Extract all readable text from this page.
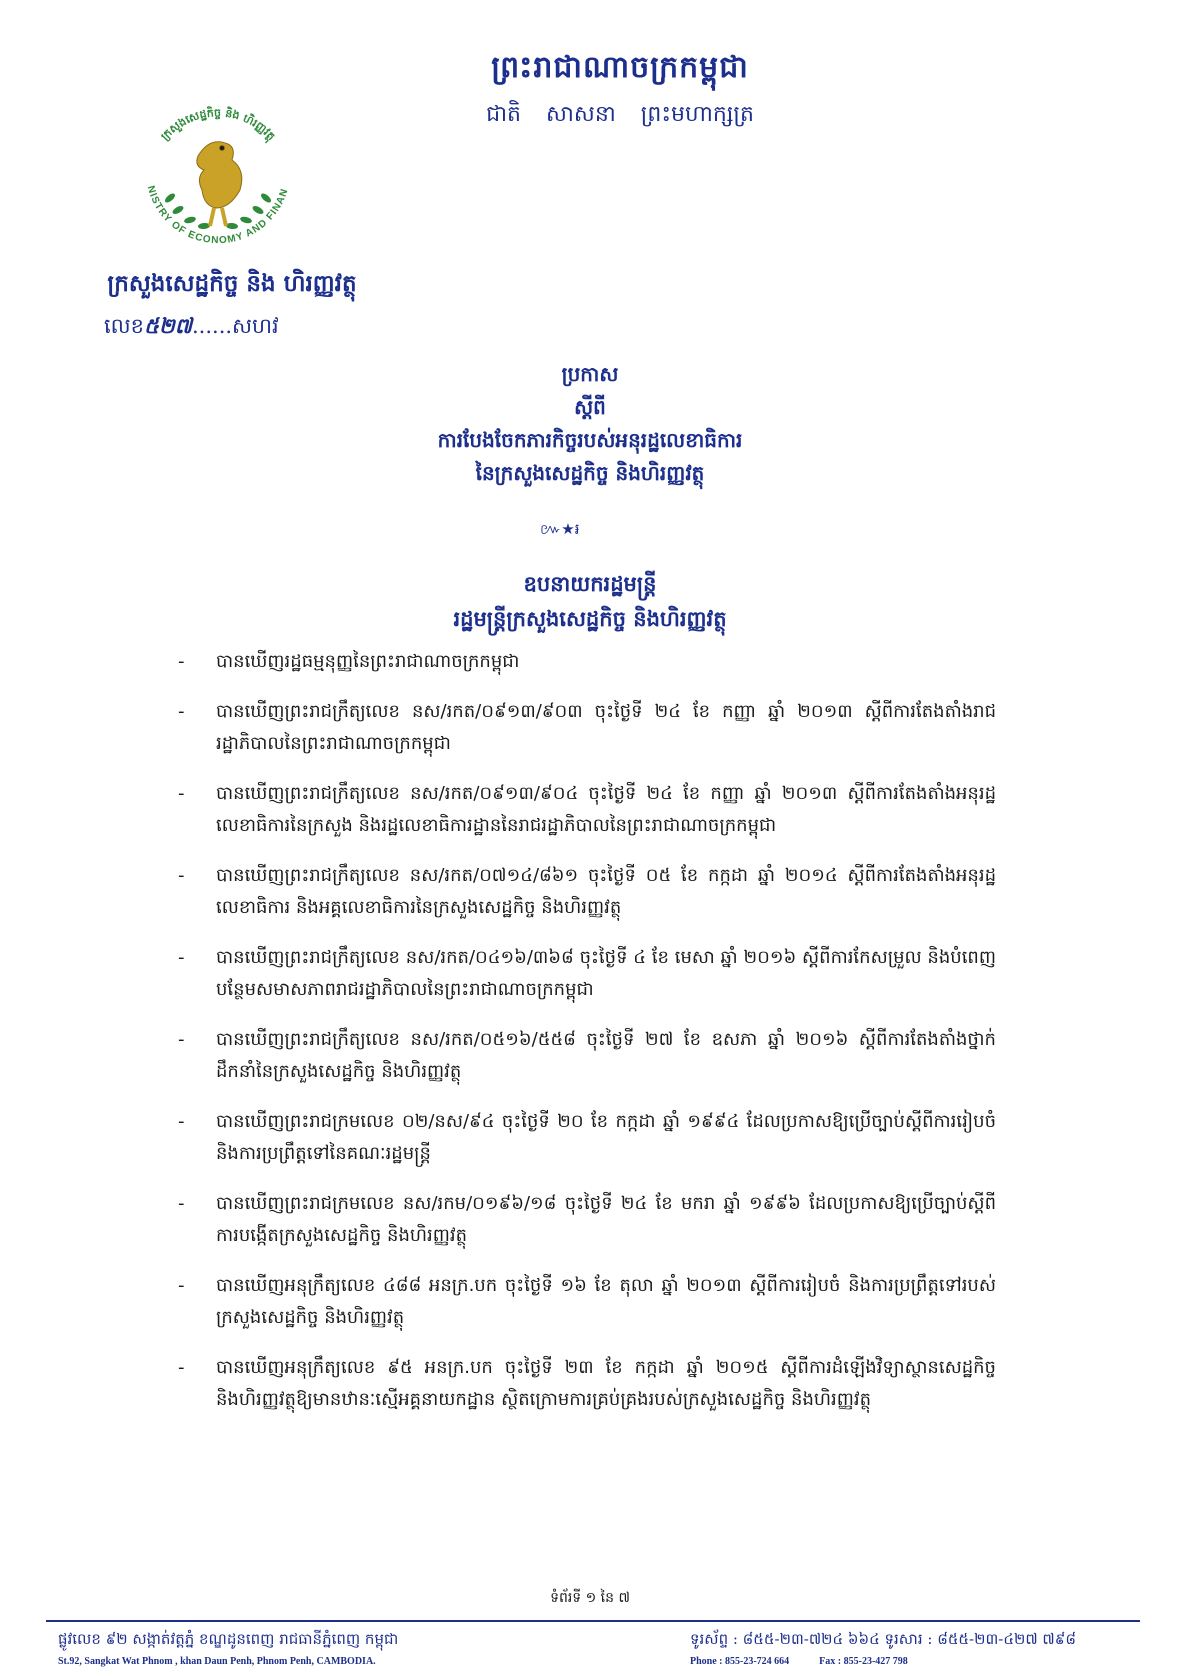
ព្រះរាជាណាចក្រកម្ពុជា
ជាតិ សាសនា ព្រះមហាក្សត្រ
NISTRY OF ECONOMY AND FINAN
ក្រសួងសេដ្ឋកិច្ច និង ហិរញ្ញវត្ថុ
ក្រសួងសេដ្ឋកិច្ច និង ហិរញ្ញវត្ថុ
លេខ៥២៧......សហវ
ប្រកាស
ស្តីពី
ការបែងចែកភារកិច្ចរបស់អនុរដ្ឋលេខាធិការ
នៃក្រសួងសេដ្ឋកិច្ច និងហិរញ្ញវត្ថុ
៚★៛
ឧបនាយករដ្ឋមន្ត្រី
រដ្ឋមន្ត្រីក្រសួងសេដ្ឋកិច្ច និងហិរញ្ញវត្ថុ
- បានឃើញរដ្ឋធម្មនុញ្ញនៃព្រះរាជាណាចក្រកម្ពុជា
- បានឃើញព្រះរាជក្រឹត្យលេខ នស/រកត/០៩១៣/៩០៣ ចុះថ្ងៃទី ២៤ ខែ កញ្ញា ឆ្នាំ ២០១៣ ស្តីពីការតែងតាំងរាជរដ្ឋាភិបាលនៃព្រះរាជាណាចក្រកម្ពុជា
- បានឃើញព្រះរាជក្រឹត្យលេខ នស/រកត/០៩១៣/៩០៤ ចុះថ្ងៃទី ២៤ ខែ កញ្ញា ឆ្នាំ ២០១៣ ស្តីពីការតែងតាំងអនុរដ្ឋលេខាធិការនៃក្រសួង និងរដ្ឋលេខាធិការដ្ឋាននៃរាជរដ្ឋាភិបាលនៃព្រះរាជាណាចក្រកម្ពុជា
- បានឃើញព្រះរាជក្រឹត្យលេខ នស/រកត/០៧១៤/៨៦១ ចុះថ្ងៃទី ០៥ ខែ កក្កដា ឆ្នាំ ២០១៤ ស្តីពីការតែងតាំងអនុរដ្ឋលេខាធិការ និងអគ្គលេខាធិការនៃក្រសួងសេដ្ឋកិច្ច និងហិរញ្ញវត្ថុ
- បានឃើញព្រះរាជក្រឹត្យលេខ នស/រកត/០៤១៦/៣៦៨ ចុះថ្ងៃទី ៤ ខែ មេសា ឆ្នាំ ២០១៦ ស្តីពីការកែសម្រួល និងបំពេញបន្ថែមសមាសភាពរាជរដ្ឋាភិបាលនៃព្រះរាជាណាចក្រកម្ពុជា
- បានឃើញព្រះរាជក្រឹត្យលេខ នស/រកត/០៥១៦/៥៥៨ ចុះថ្ងៃទី ២៧ ខែ ឧសភា ឆ្នាំ ២០១៦ ស្តីពីការតែងតាំងថ្នាក់ដឹកនាំនៃក្រសួងសេដ្ឋកិច្ច និងហិរញ្ញវត្ថុ
- បានឃើញព្រះរាជក្រមលេខ ០២/នស/៩៤ ចុះថ្ងៃទី ២០ ខែ កក្កដា ឆ្នាំ ១៩៩៤ ដែលប្រកាសឱ្យប្រើច្បាប់ស្តីពីការរៀបចំ និងការប្រព្រឹត្តទៅនៃគណៈរដ្ឋមន្ត្រី
- បានឃើញព្រះរាជក្រមលេខ នស/រកម/០១៩៦/១៨ ចុះថ្ងៃទី ២៤ ខែ មករា ឆ្នាំ ១៩៩៦ ដែលប្រកាសឱ្យប្រើច្បាប់ស្តីពីការបង្កើតក្រសួងសេដ្ឋកិច្ច និងហិរញ្ញវត្ថុ
- បានឃើញអនុក្រឹត្យលេខ ៤៨៨ អនក្រ.បក ចុះថ្ងៃទី ១៦ ខែ តុលា ឆ្នាំ ២០១៣ ស្តីពីការរៀបចំ និងការប្រព្រឹត្តទៅរបស់ក្រសួងសេដ្ឋកិច្ច និងហិរញ្ញវត្ថុ
- បានឃើញអនុក្រឹត្យលេខ ៩៥ អនក្រ.បក ចុះថ្ងៃទី ២៣ ខែ កក្កដា ឆ្នាំ ២០១៥ ស្តីពីការដំឡើងវិទ្យាស្ថានសេដ្ឋកិច្ច និងហិរញ្ញវត្ថុឱ្យមានឋានៈស្មើអគ្គនាយកដ្ឋាន ស្ថិតក្រោមការគ្រប់គ្រងរបស់ក្រសួងសេដ្ឋកិច្ច និងហិរញ្ញវត្ថុ
ទំព័រទី ១ នៃ ៧
ផ្លូវលេខ ៩២ សង្កាត់វត្តភ្នំ ខណ្ឌដូនពេញ រាជធានីភ្នំពេញ កម្ពុជា
St.92, Sangkat Wat Phnom , khan Daun Penh, Phnom Penh, CAMBODIA.
ទូរស័ព្ទ : ៨៥៥-២៣-៧២៤ ៦៦៤ ទូរសារ : ៨៥៥-២៣-៤២៧ ៧៩៨
Phone : 855-23-724 664	Fax : 855-23-427 798
